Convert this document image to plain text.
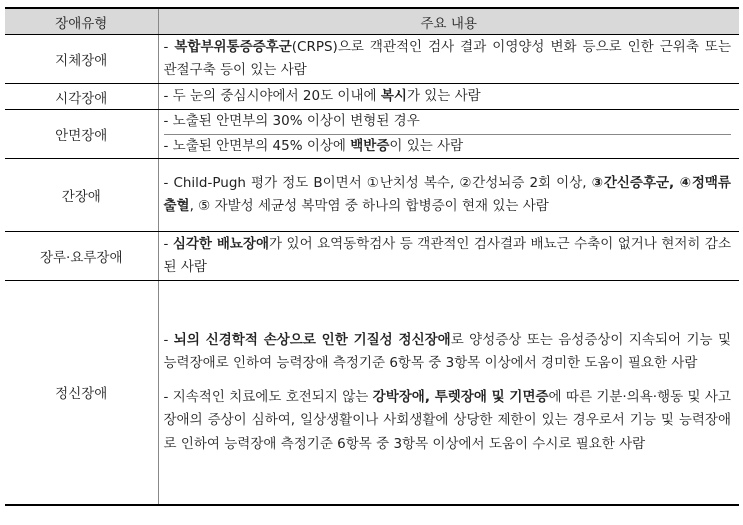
장애유형	주요 내용
지체장애	- 복합부위통증증후군(CRPS)으로 객관적인 검사 결과 이영양성 변화 등으로 인한 근위축 또는 관절구축 등이 있는 사람

시각장애	- 두 눈의 중심시야에서 20도 이내에 복시가 있는 사람

안면장애	- 노출된 안면부의 30% 이상이 변형된 경우
- 노출된 안면부의 45% 이상에 백반증이 있는 사람

간장애	- Child-Pugh 평가 정도 B이면서 ①난치성 복수, ②간성뇌증 2회 이상, ③간신증후군, ④정맥류 출혈, ⑤ 자발성 세균성 복막염 중 하나의 합병증이 현재 있는 사람

장루·요루장애	- 심각한 배뇨장애가 있어 요역동학검사 등 객관적인 검사결과 배뇨근 수축이 없거나 현저히 감소된 사람

정신장애	- 뇌의 신경학적 손상으로 인한 기질성 정신장애로 양성증상 또는 음성증상이 지속되어 기능 및 능력장애로 인하여 능력장애 측정기준 6항목 중 3항목 이상에서 경미한 도움이 필요한 사람
- 지속적인 치료에도 호전되지 않는 강박장애, 투렛장애 및 기면증에 따른 기분·의욕·행동 및 사고장애의 증상이 심하여, 일상생활이나 사회생활에 상당한 제한이 있는 경우로서 기능 및 능력장애로 인하여 능력장애 측정기준 6항목 중 3항목 이상에서 도움이 수시로 필요한 사람
